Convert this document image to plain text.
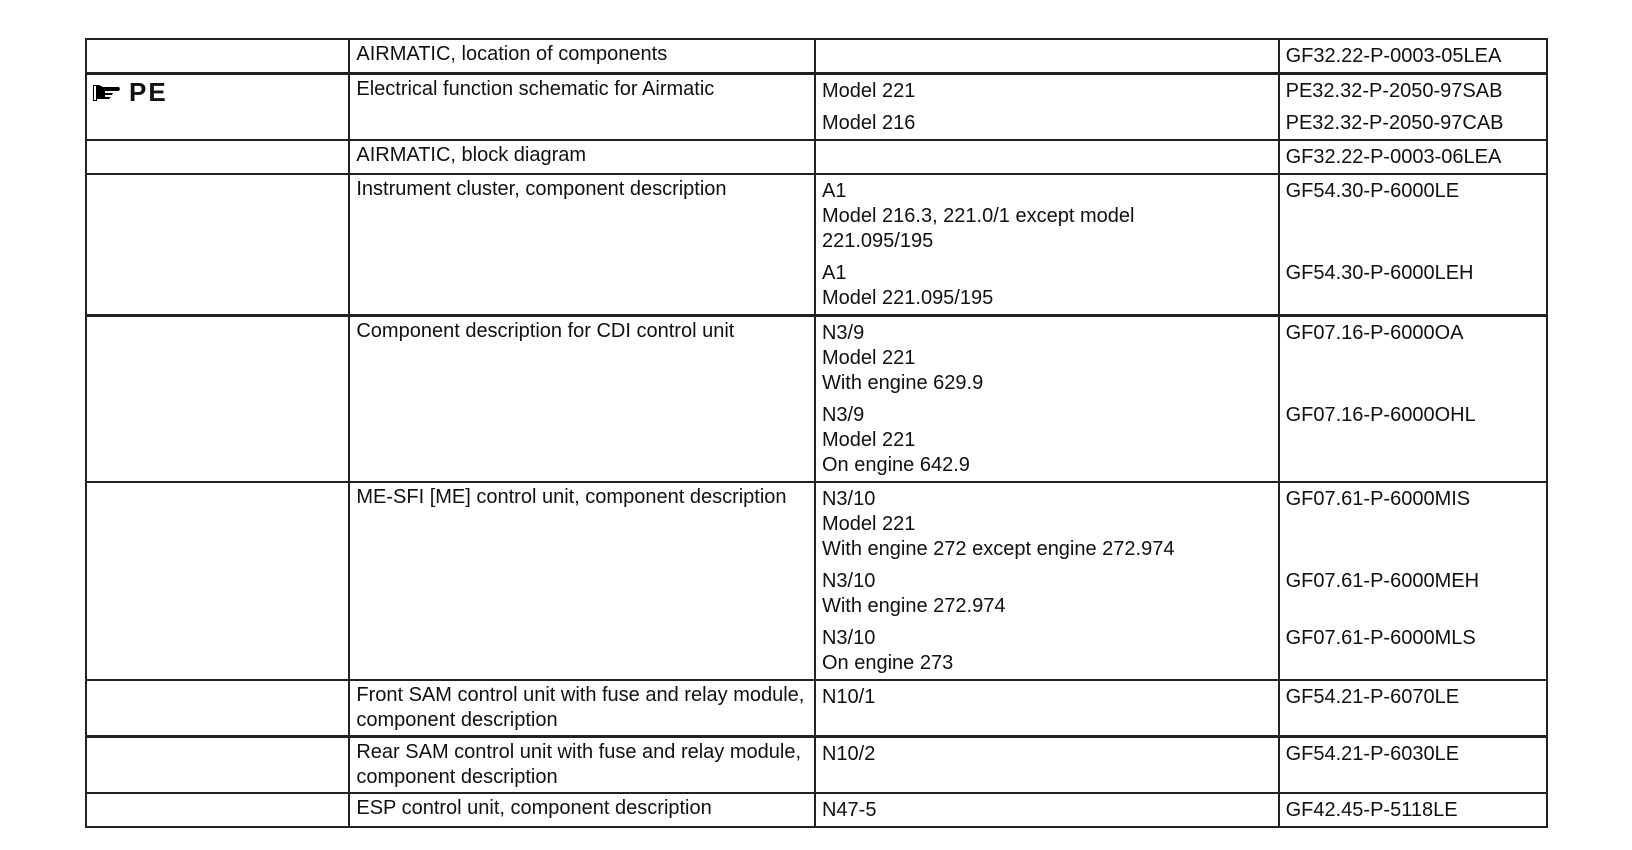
	AIRMATIC, location of components		GF32.22-P-0003-05LEA

PE	Electrical function schematic for Airmatic	Model 221	PE32.32-P-2050-97SAB

		Model 216	PE32.32-P-2050-97CAB

	AIRMATIC, block diagram		GF32.22-P-0003-06LEA

	Instrument cluster, component description	A1
Model 216.3, 221.0/1 except model
221.095/195	GF54.30-P-6000LE

		A1
Model 221.095/195	GF54.30-P-6000LEH

	Component description for CDI control unit	N3/9
Model 221
With engine 629.9	GF07.16-P-6000OA

		N3/9
Model 221
On engine 642.9	GF07.16-P-6000OHL

	ME-SFI [ME] control unit, component description	N3/10
Model 221
With engine 272 except engine 272.974	GF07.61-P-6000MIS

		N3/10
With engine 272.974	GF07.61-P-6000MEH

		N3/10
On engine 273	GF07.61-P-6000MLS

	Front SAM control unit with fuse and relay module, component description	N10/1	GF54.21-P-6070LE

	Rear SAM control unit with fuse and relay module, component description	N10/2	GF54.21-P-6030LE

	ESP control unit, component description	N47-5	GF42.45-P-5118LE
